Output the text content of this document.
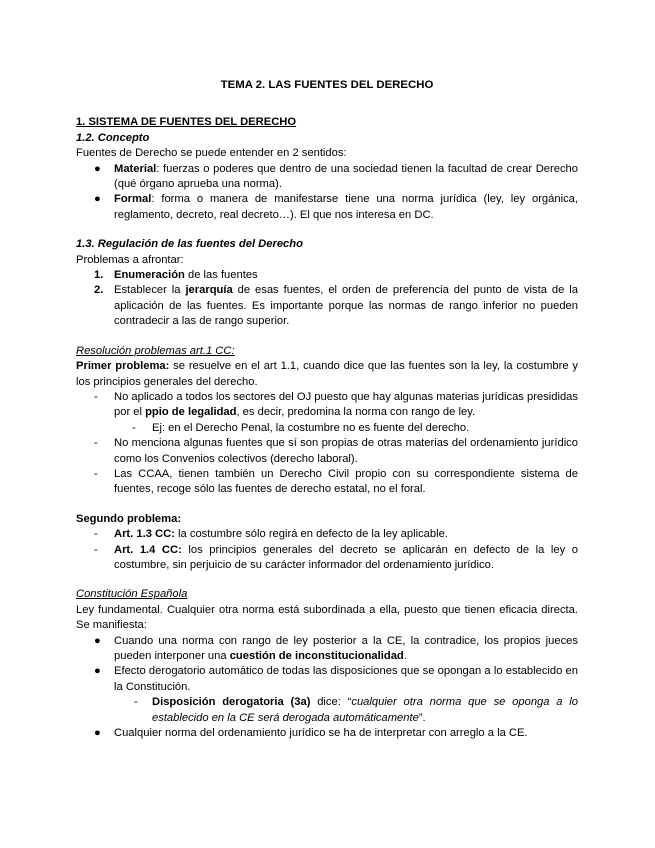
TEMA 2. LAS FUENTES DEL DERECHO

1. SISTEMA DE FUENTES DEL DERECHO

1.2. Concepto

Fuentes de Derecho se puede entender en 2 sentidos:

● Material: fuerzas o poderes que dentro de una sociedad tienen la facultad de crear Derecho (qué órgano aprueba una norma).
● Formal: forma o manera de manifestarse tiene una norma jurídica (ley, ley orgánica, reglamento, decreto, real decreto…). El que nos interesa en DC.

1.3. Regulación de las fuentes del Derecho

Problemas a afrontar:

1. Enumeración de las fuentes
2. Establecer la jerarquía de esas fuentes, el orden de preferencia del punto de vista de la aplicación de las fuentes. Es importante porque las normas de rango inferior no pueden contradecir a las de rango superior.

Resolución problemas art.1 CC:

Primer problema: se resuelve en el art 1.1, cuando dice que las fuentes son la ley, la costumbre y los principios generales del derecho.

- No aplicado a todos los sectores del OJ puesto que hay algunas materias jurídicas presididas por el ppio de legalidad, es decir, predomina la norma con rango de ley.
- Ej: en el Derecho Penal, la costumbre no es fuente del derecho.
- No menciona algunas fuentes que sí son propias de otras materias del ordenamiento jurídico como los Convenios colectivos (derecho laboral).
- Las CCAA, tienen también un Derecho Civil propio con su correspondiente sistema de fuentes, recoge sólo las fuentes de derecho estatal, no el foral.

Segundo problema:

- Art. 1.3 CC: la costumbre sólo regirá en defecto de la ley aplicable.
- Art. 1.4 CC: los principios generales del decreto se aplicarán en defecto de la ley o costumbre, sin perjuicio de su carácter informador del ordenamiento jurídico.

Constitución Española

Ley fundamental. Cualquier otra norma está subordinada a ella, puesto que tienen eficacia directa. Se manifiesta:

● Cuando una norma con rango de ley posterior a la CE, la contradice, los propios jueces pueden interponer una cuestión de inconstitucionalidad.
● Efecto derogatorio automático de todas las disposiciones que se opongan a lo establecido en la Constitución.
- Disposición derogatoria (3a) dice: “cualquier otra norma que se oponga a lo establecido en la CE será derogada automáticamente”.
● Cualquier norma del ordenamiento jurídico se ha de interpretar con arreglo a la CE.
